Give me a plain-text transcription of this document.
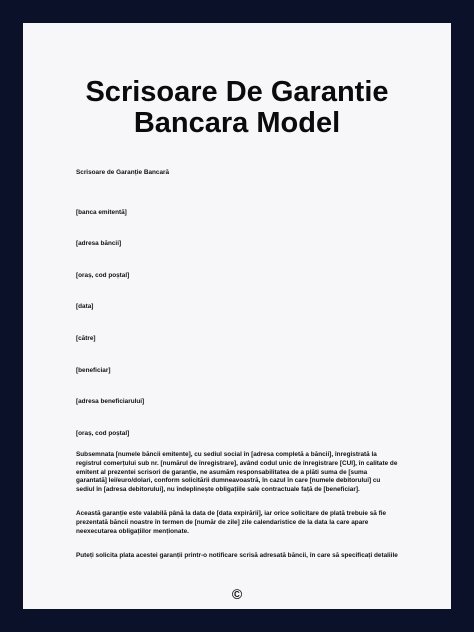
Scrisoare De Garantie
Bancara Model

Scrisoare de Garanție Bancară

[banca emitentă]

[adresa băncii]

[oraș, cod poștal]

[data]

[către]

[beneficiar]

[adresa beneficiarului]

[oraș, cod poștal]

Subsemnata [numele băncii emitente], cu sediul social în [adresa completă a băncii], înregistrată la registrul comerțului sub nr. [numărul de înregistrare], având codul unic de înregistrare [CUI], în calitate de emitent al prezentei scrisori de garanție, ne asumăm responsabilitatea de a plăti suma de [suma garantată] lei/euro/dolari, conform solicitării dumneavoastră, în cazul în care [numele debitorului] cu sediul în [adresa debitorului], nu îndeplinește obligațiile sale contractuale față de [beneficiar].

Această garanție este valabilă până la data de [data expirării], iar orice solicitare de plată trebuie să fie prezentată băncii noastre în termen de [număr de zile] zile calendaristice de la data la care apare neexecutarea obligațiilor menționate.

Puteți solicita plata acestei garanții printr-o notificare scrisă adresată băncii, în care să specificați detaliile

©
